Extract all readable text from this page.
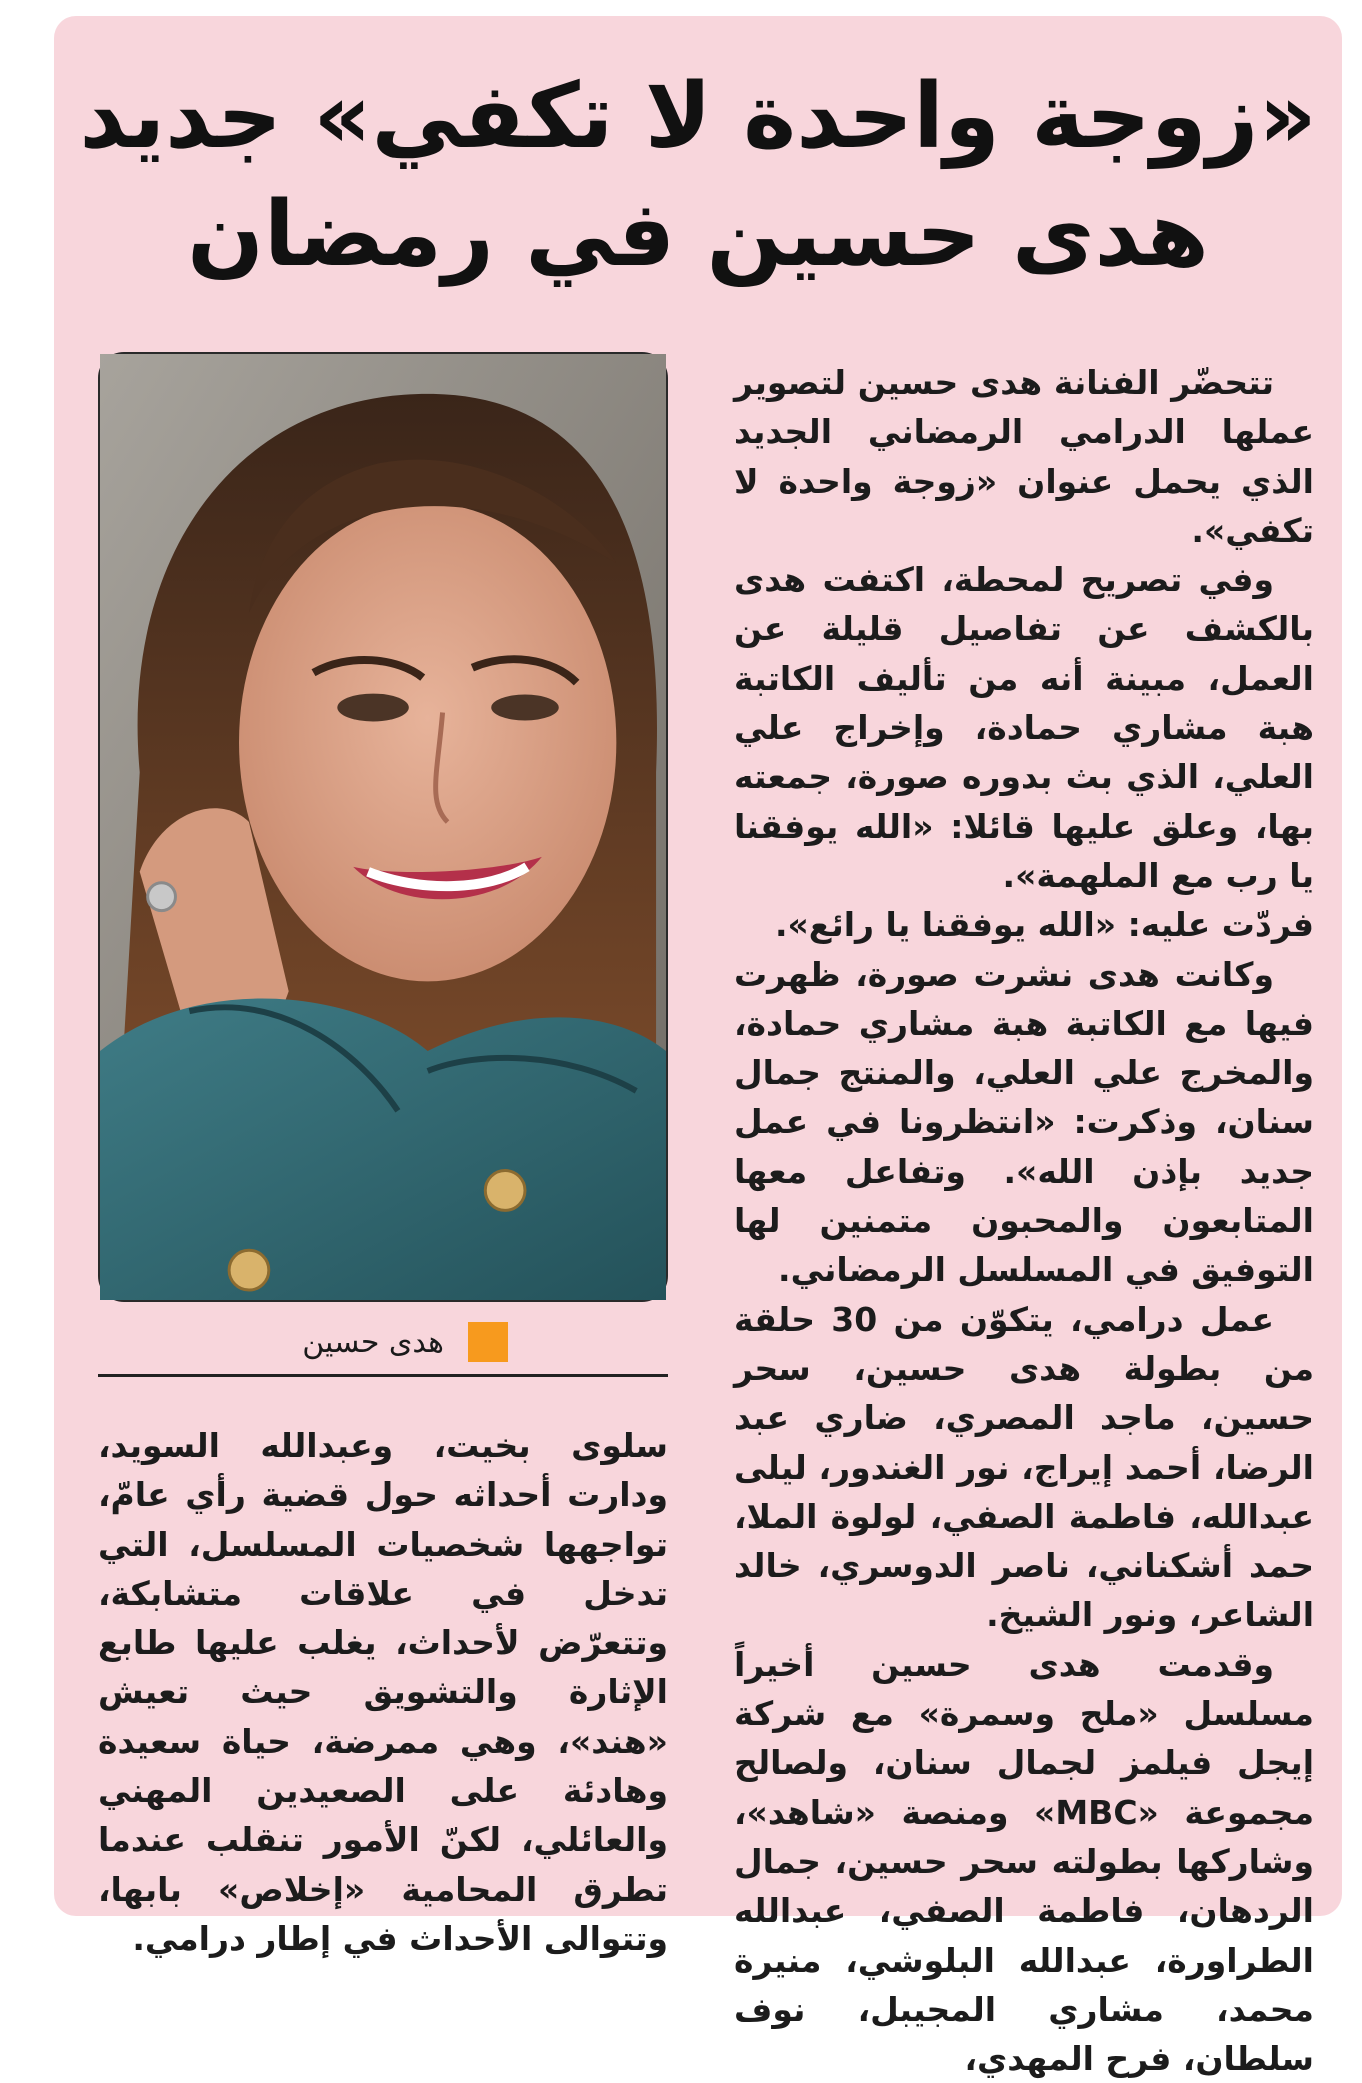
«زوجة واحدة لا تكفي» جديد
هدى حسين في رمضان
هدى حسين

تتحضّر الفنانة هدى حسين لتصوير عملها الدرامي الرمضاني الجديد الذي يحمل عنوان «زوجة واحدة لا تكفي».

وفي تصريح لمحطة، اكتفت هدى بالكشف عن تفاصيل قليلة عن العمل، مبينة أنه من تأليف الكاتبة هبة مشاري حمادة، وإخراج علي العلي، الذي بث بدوره صورة، جمعته بها، وعلق عليها قائلا: «الله يوفقنا يا رب مع الملهمة».

فردّت عليه: «الله يوفقنا يا رائع».

وكانت هدى نشرت صورة، ظهرت فيها مع الكاتبة هبة مشاري حمادة، والمخرج علي العلي، والمنتج جمال سنان، وذكرت: «انتظرونا في عمل جديد بإذن الله». وتفاعل معها المتابعون والمحبون متمنين لها التوفيق في المسلسل الرمضاني.

عمل درامي، يتكوّن من 30 حلقة من بطولة هدى حسين، سحر حسين، ماجد المصري، ضاري عبد الرضا، أحمد إيراج، نور الغندور، ليلى عبدالله، فاطمة الصفي، لولوة الملا، حمد أشكناني، ناصر الدوسري، خالد الشاعر، ونور الشيخ.

وقدمت هدى حسين أخيراً مسلسل «ملح وسمرة» مع شركة إيجل فيلمز لجمال سنان، ولصالح مجموعة «MBC» ومنصة «شاهد»، وشاركها بطولته سحر حسين، جمال الردهان، فاطمة الصفي، عبدالله الطراورة، عبدالله البلوشي، منيرة محمد، مشاري المجيبل، نوف سلطان، فرح المهدي،

سلوى بخيت، وعبدالله السويد، ودارت أحداثه حول قضية رأي عامّ، تواجهها شخصيات المسلسل، التي تدخل في علاقات متشابكة، وتتعرّض لأحداث، يغلب عليها طابع الإثارة والتشويق حيث تعيش «هند»، وهي ممرضة، حياة سعيدة وهادئة على الصعيدين المهني والعائلي، لكنّ الأمور تنقلب عندما تطرق المحامية «إخلاص» بابها، وتتوالى الأحداث في إطار درامي.
